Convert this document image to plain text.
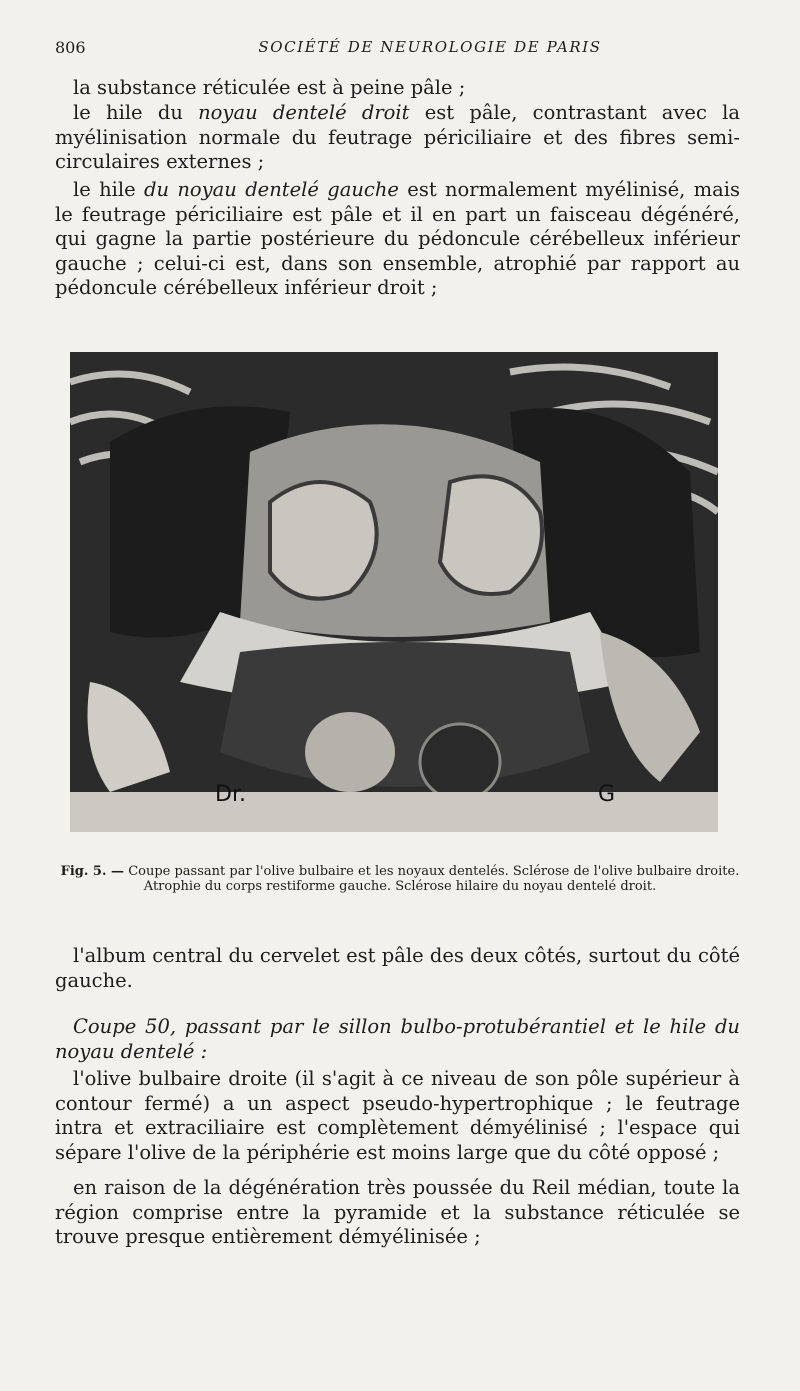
806	SOCIÉTÉ DE NEUROLOGIE DE PARIS

la substance réticulée est à peine pâle ;

le hile du noyau dentelé droit est pâle, contrastant avec la myélinisation normale du feutrage périciliaire et des fibres semi-circulaires externes ;

le hile du noyau dentelé gauche est normalement myélinisé, mais le feutrage périciliaire est pâle et il en part un faisceau dégénéré, qui gagne la partie postérieure du pédoncule cérébelleux inférieur gauche ; celui-ci est, dans son ensemble, atrophié par rapport au pédoncule cérébelleux inférieur droit ;

Dr.	G

Fig. 5. — Coupe passant par l'olive bulbaire et les noyaux dentelés. Sclérose de l'olive bulbaire droite. Atrophie du corps restiforme gauche. Sclérose hilaire du noyau dentelé droit.

l'album central du cervelet est pâle des deux côtés, surtout du côté gauche.

Coupe 50, passant par le sillon bulbo-protubérantiel et le hile du noyau dentelé :

l'olive bulbaire droite (il s'agit à ce niveau de son pôle supérieur à contour fermé) a un aspect pseudo-hypertrophique ; le feutrage intra et extraciliaire est complètement démyélinisé ; l'espace qui sépare l'olive de la périphérie est moins large que du côté opposé ;

en raison de la dégénération très poussée du Reil médian, toute la région comprise entre la pyramide et la substance réticulée se trouve presque entièrement démyélinisée ;
